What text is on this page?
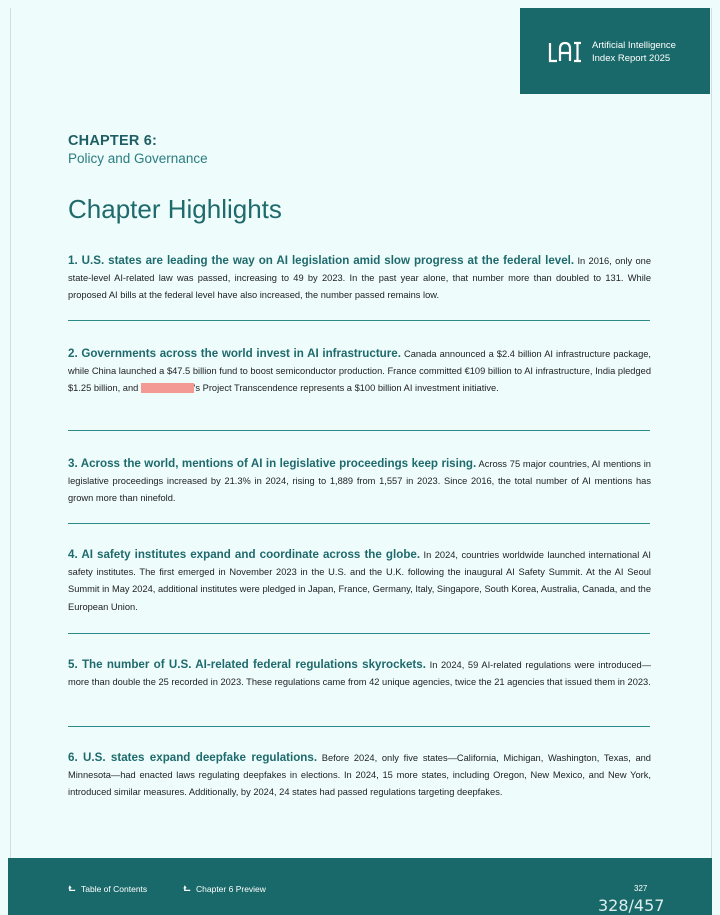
Artificial Intelligence
Index Report 2025
CHAPTER 6:
Policy and Governance
Chapter Highlights
1. U.S. states are leading the way on AI legislation amid slow progress at the federal level. In 2016, only one state-level AI-related law was passed, increasing to 49 by 2023. In the past year alone, that number more than doubled to 131. While proposed AI bills at the federal level have also increased, the number passed remains low.
2. Governments across the world invest in AI infrastructure. Canada announced a $2.4 billion AI infrastructure package, while China launched a $47.5 billion fund to boost semiconductor production. France committed €109 billion to AI infrastructure, India pledged $1.25 billion, and Saudi Arabia's Project Transcendence represents a $100 billion AI investment initiative.
3. Across the world, mentions of AI in legislative proceedings keep rising. Across 75 major countries, AI mentions in legislative proceedings increased by 21.3% in 2024, rising to 1,889 from 1,557 in 2023. Since 2016, the total number of AI mentions has grown more than ninefold.
4. AI safety institutes expand and coordinate across the globe. In 2024, countries worldwide launched international AI safety institutes. The first emerged in November 2023 in the U.S. and the U.K. following the inaugural AI Safety Summit. At the AI Seoul Summit in May 2024, additional institutes were pledged in Japan, France, Germany, Italy, Singapore, South Korea, Australia, Canada, and the European Union.
5. The number of U.S. AI-related federal regulations skyrockets. In 2024, 59 AI-related regulations were introduced—more than double the 25 recorded in 2023. These regulations came from 42 unique agencies, twice the 21 agencies that issued them in 2023.
6. U.S. states expand deepfake regulations. Before 2024, only five states—California, Michigan, Washington, Texas, and Minnesota—had enacted laws regulating deepfakes in elections. In 2024, 15 more states, including Oregon, New Mexico, and New York, introduced similar measures. Additionally, by 2024, 24 states had passed regulations targeting deepfakes.
Table of Contents	Chapter 6 Preview	327
328/457
